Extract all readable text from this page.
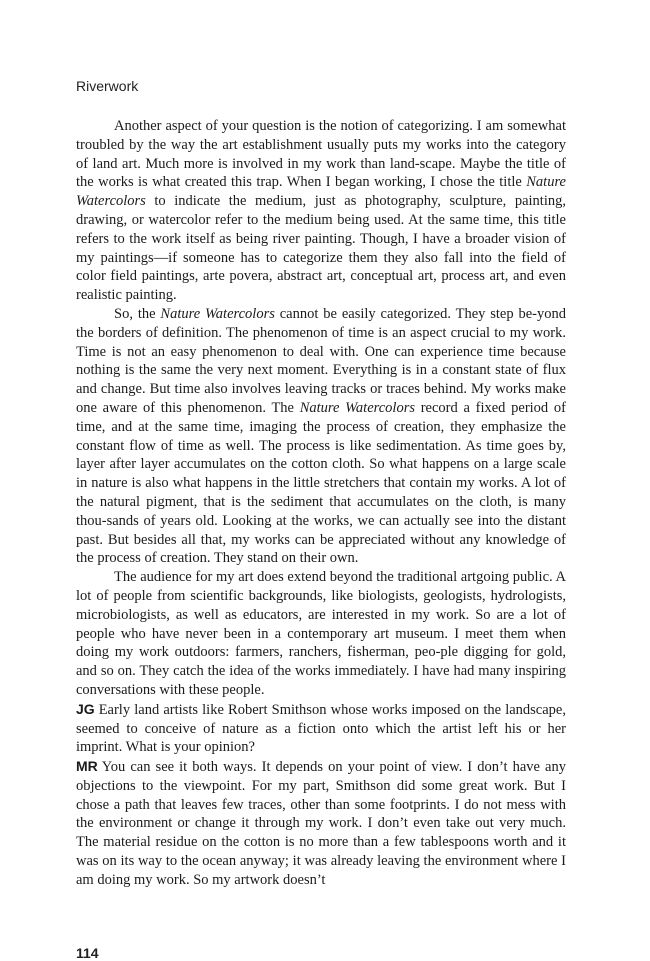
Riverwork

Another aspect of your question is the notion of categorizing. I am somewhat troubled by the way the art establishment usually puts my works into the category of land art. Much more is involved in my work than land-scape. Maybe the title of the works is what created this trap. When I began working, I chose the title Nature Watercolors to indicate the medium, just as photography, sculpture, painting, drawing, or watercolor refer to the medium being used. At the same time, this title refers to the work itself as being river painting. Though, I have a broader vision of my paintings—if someone has to categorize them they also fall into the field of color field paintings, arte povera, abstract art, conceptual art, process art, and even realistic painting.

So, the Nature Watercolors cannot be easily categorized. They step be-yond the borders of definition. The phenomenon of time is an aspect crucial to my work. Time is not an easy phenomenon to deal with. One can experience time because nothing is the same the very next moment. Everything is in a constant state of flux and change. But time also involves leaving tracks or traces behind. My works make one aware of this phenomenon. The Nature Watercolors record a fixed period of time, and at the same time, imaging the process of creation, they emphasize the constant flow of time as well. The process is like sedimentation. As time goes by, layer after layer accumulates on the cotton cloth. So what happens on a large scale in nature is also what happens in the little stretchers that contain my works. A lot of the natural pigment, that is the sediment that accumulates on the cloth, is many thou-sands of years old. Looking at the works, we can actually see into the distant past. But besides all that, my works can be appreciated without any knowledge of the process of creation. They stand on their own.

The audience for my art does extend beyond the traditional artgoing public. A lot of people from scientific backgrounds, like biologists, geologists, hydrologists, microbiologists, as well as educators, are interested in my work. So are a lot of people who have never been in a contemporary art museum. I meet them when doing my work outdoors: farmers, ranchers, fisherman, peo-ple digging for gold, and so on. They catch the idea of the works immediately. I have had many inspiring conversations with these people.

JG Early land artists like Robert Smithson whose works imposed on the landscape, seemed to conceive of nature as a fiction onto which the artist left his or her imprint. What is your opinion?

MR You can see it both ways. It depends on your point of view. I don’t have any objections to the viewpoint. For my part, Smithson did some great work. But I chose a path that leaves few traces, other than some footprints. I do not mess with the environment or change it through my work. I don’t even take out very much. The material residue on the cotton is no more than a few tablespoons worth and it was on its way to the ocean anyway; it was already leaving the environment where I am doing my work. So my artwork doesn’t

114
